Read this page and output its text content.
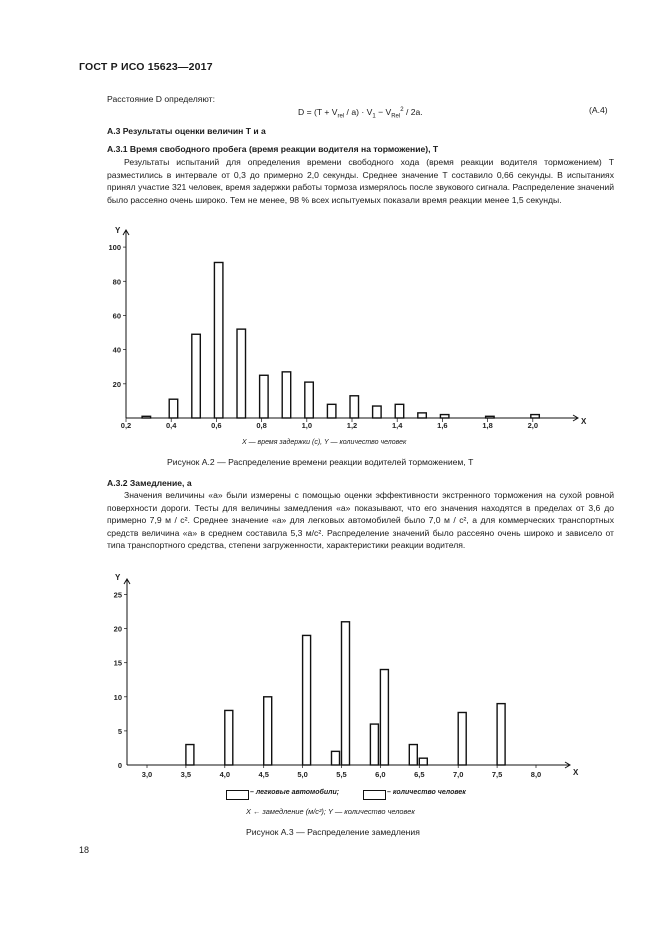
ГОСТ Р ИСО 15623—2017
Расстояние D определяют:
$D = (T + V_{rel} / a) \cdot V_1 - V_{Rel}^2 / 2a$.	(A.4)
А.3 Результаты оценки величин T и a
А.3.1 Время свободного пробега (время реакции водителя на торможение), T
Результаты испытаний для определения времени свободного хода (время реакции водителя торможением) T разместились в интервале от 0,3 до примерно 2,0 секунды. Среднее значение T составило 0,66 секунды. В испытаниях принял участие 321 человек, время задержки работы тормоза измерялось после звукового сигнала. Распределение значений было рассеяно очень широко. Тем не менее, 98 % всех испытуемых показали время реакции менее 1,5 секунды.
20
40
60
80
100
0,2	0,4	0,6	0,8	1,0	1,2	1,4	1,6	1,8	2,0
Y
X
X — время задержки (с), Y — количество человек
Рисунок А.2 — Распределение времени реакции водителей торможением, T
А.3.2 Замедление, a
Значения величины «a» были измерены с помощью оценки эффективности экстренного торможения на сухой ровной поверхности дороги. Тесты для величины замедления «a» показывают, что его значения находятся в пределах от 3,6 до примерно 7,9 м / с². Среднее значение «a» для легковых автомобилей было 7,0 м / с², а для коммерческих транспортных средств величина «a» в среднем составила 5,3 м/с². Распределение значений было рассеяно очень широко и зависело от типа транспортного средства, степени загруженности, характеристики реакции водителя.
5
10
15
20
25
0
3,0	3,5	4,0	4,5	5,0	5,5	6,0	6,5	7,0	7,5	8,0
Y
X
– легковые автомобили;	– количество человек
X ← замедление (м/с²); Y — количество человек
Рисунок А.3 — Распределение замедления
18
